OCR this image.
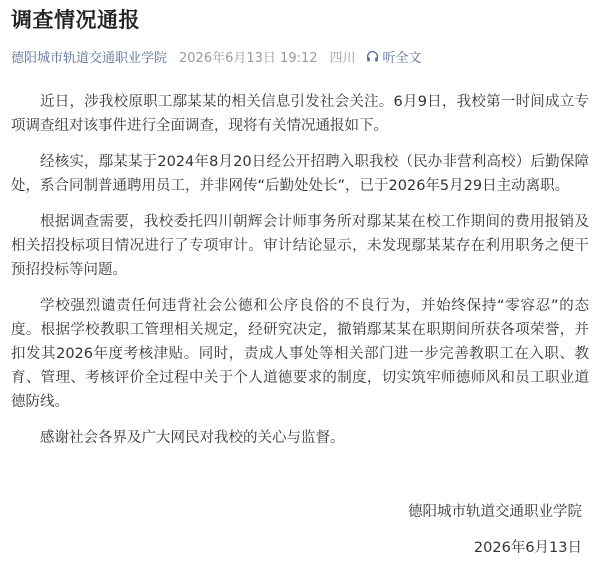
调查情况通报
德阳城市轨道交通职业学院 2026年6月13日 19:12 四川 听全文

近日，涉我校原职工鄢某某的相关信息引发社会关注。6月9日，我校第一时间成立专项调查组对该事件进行全面调查，现将有关情况通报如下。

经核实，鄢某某于2024年8月20日经公开招聘入职我校（民办非营利高校）后勤保障处，系合同制普通聘用员工，并非网传“后勤处处长”，已于2026年5月29日主动离职。

根据调查需要，我校委托四川朝辉会计师事务所对鄢某某在校工作期间的费用报销及相关招投标项目情况进行了专项审计。审计结论显示，未发现鄢某某存在利用职务之便干预招投标等问题。

学校强烈谴责任何违背社会公德和公序良俗的不良行为，并始终保持“零容忍”的态度。根据学校教职工管理相关规定，经研究决定，撤销鄢某某在职期间所获各项荣誉，并扣发其2026年度考核津贴。同时，责成人事处等相关部门进一步完善教职工在入职、教育、管理、考核评价全过程中关于个人道德要求的制度，切实筑牢师德师风和员工职业道德防线。

感谢社会各界及广大网民对我校的关心与监督。

德阳城市轨道交通职业学院
2026年6月13日
